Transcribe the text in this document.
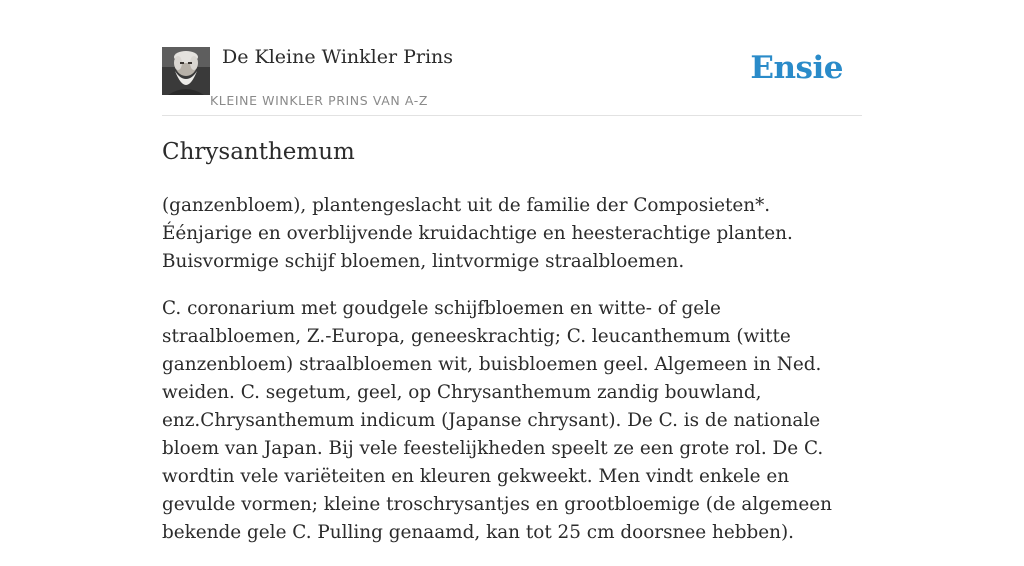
De Kleine Winkler Prins
KLEINE WINKLER PRINS VAN A-Z
Ensie
Chrysanthemum

(ganzenbloem), plantengeslacht uit de familie der Composieten*. Éénjarige en overblijvende kruidachtige en heesterachtige planten. Buisvormige schijf bloemen, lintvormige straalbloemen.

C. coronarium met goudgele schijfbloemen en witte- of gele straalbloemen, Z.-Europa, geneeskrachtig; C. leucanthemum (witte ganzenbloem) straalbloemen wit, buisbloemen geel. Algemeen in Ned. weiden. C. segetum, geel, op Chrysanthemum zandig bouwland, enz.Chrysanthemum indicum (Japanse chrysant). De C. is de nationale bloem van Japan. Bij vele feestelijkheden speelt ze een grote rol. De C. wordtin vele variëteiten en kleuren gekweekt. Men vindt enkele en gevulde vormen; kleine troschrysantjes en grootbloemige (de algemeen bekende gele C. Pulling genaamd, kan tot 25 cm doorsnee hebben).
